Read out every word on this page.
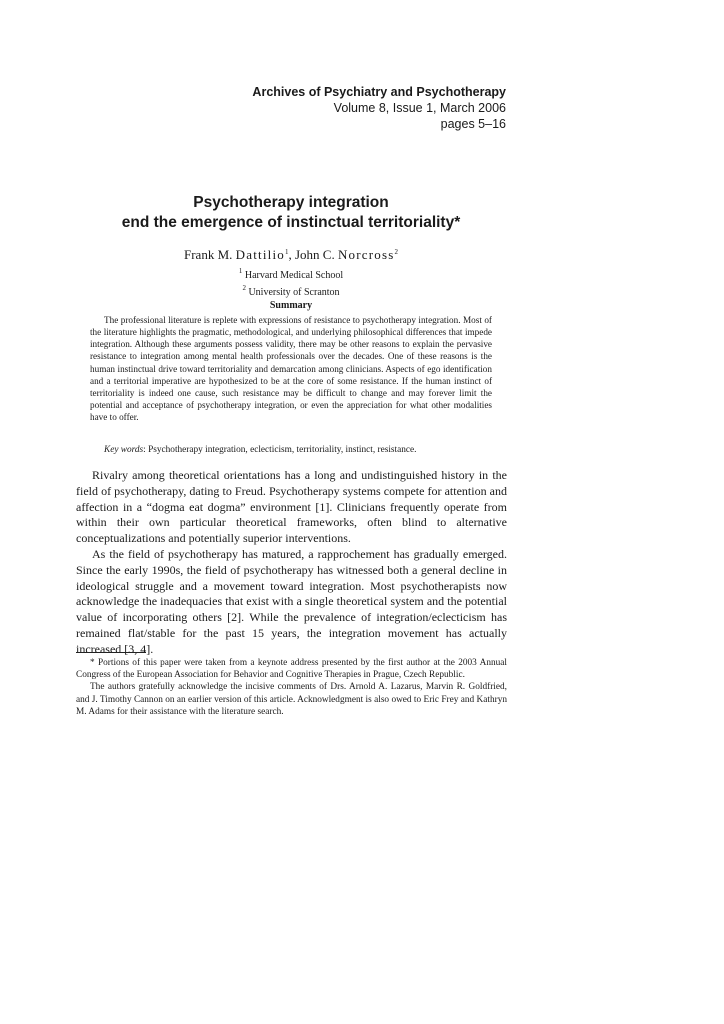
Archives of Psychiatry and Psychotherapy
Volume 8, Issue 1, March 2006
pages 5–16
Psychotherapy integration
end the emergence of instinctual territoriality*
Frank M. Dattilio$^1$, John C. Norcross$^2$
$^1$ Harvard Medical School
$^2$ University of Scranton
Summary

The professional literature is replete with expressions of resistance to psychotherapy integration. Most of the literature highlights the pragmatic, methodological, and underlying philosophical differences that impede integration. Although these arguments possess validity, there may be other reasons to explain the pervasive resistance to integration among mental health professionals over the decades. One of these reasons is the human instinctual drive toward territoriality and demarcation among clinicians. Aspects of ego identification and a territorial imperative are hypothesized to be at the core of some resistance. If the human instinct of territoriality is indeed one cause, such resistance may be difficult to change and may forever limit the potential and acceptance of psychotherapy integration, or even the appreciation for what other modalities have to offer.

Key words: Psychotherapy integration, eclecticism, territoriality, instinct, resistance.

Rivalry among theoretical orientations has a long and undistinguished history in the field of psychotherapy, dating to Freud. Psychotherapy systems compete for attention and affection in a “dogma eat dogma” environment [1]. Clinicians frequently operate from within their own particular theoretical frameworks, often blind to alternative conceptualizations and potentially superior interventions.

As the field of psychotherapy has matured, a rapprochement has gradually emerged. Since the early 1990s, the field of psychotherapy has witnessed both a general decline in ideological struggle and a movement toward integration. Most psychotherapists now acknowledge the inadequacies that exist with a single theoretical system and the potential value of incorporating others [2]. While the prevalence of integration/eclecticism has remained flat/stable for the past 15 years, the integration movement has actually increased [3, 4].

* Portions of this paper were taken from a keynote address presented by the first author at the 2003 Annual Congress of the European Association for Behavior and Cognitive Therapies in Prague, Czech Republic.

The authors gratefully acknowledge the incisive comments of Drs. Arnold A. Lazarus, Marvin R. Goldfried, and J. Timothy Cannon on an earlier version of this article. Acknowledgment is also owed to Eric Frey and Kathryn M. Adams for their assistance with the literature search.
